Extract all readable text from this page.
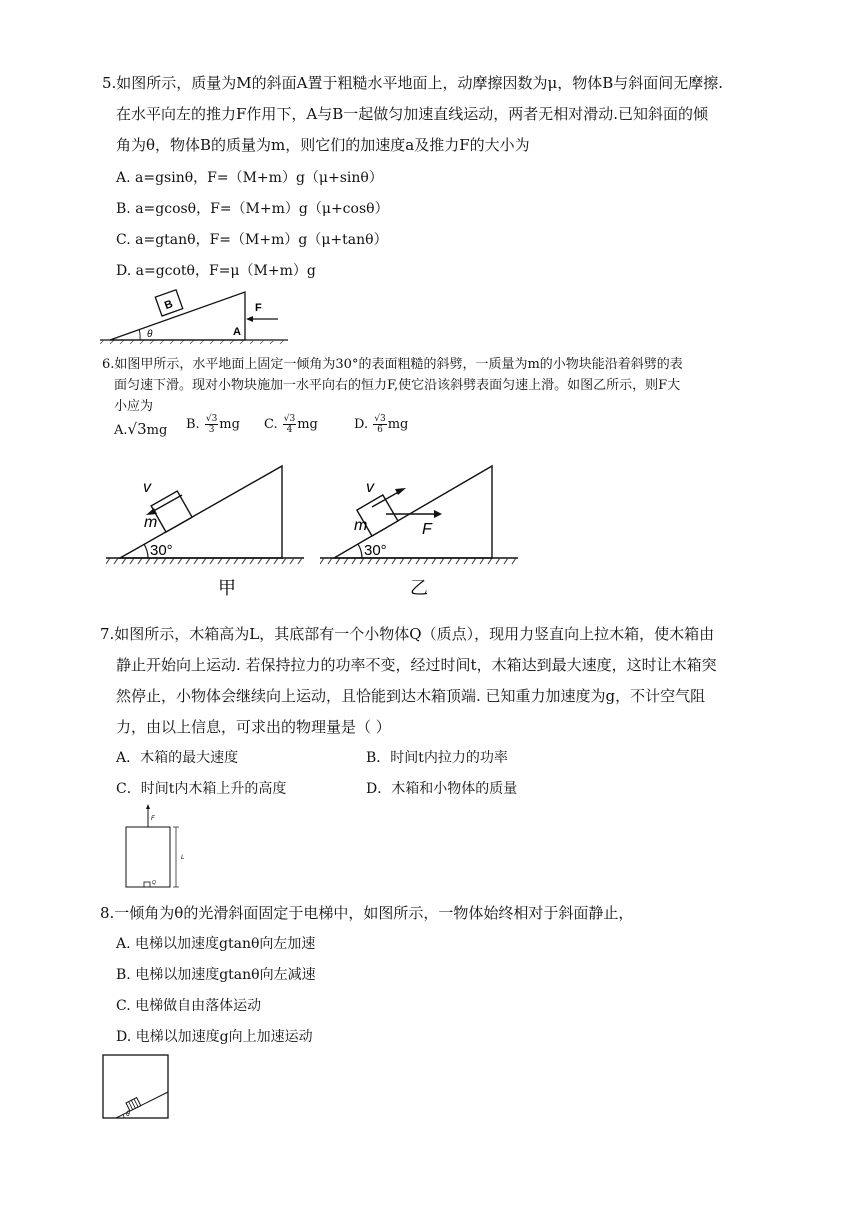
5.如图所示，质量为M的斜面A置于粗糙水平地面上，动摩擦因数为μ，物体B与斜面间无摩擦.
在水平向左的推力F作用下，A与B一起做匀加速直线运动，两者无相对滑动.已知斜面的倾
角为θ，物体B的质量为m，则它们的加速度a及推力F的大小为
A. a=gsinθ，F=（M+m）g（μ+sinθ）
B. a=gcosθ，F=（M+m）g（μ+cosθ）
C. a=gtanθ，F=（M+m）g（μ+tanθ）
D. a=gcotθ，F=μ（M+m）g
B
θ	A
F
6.如图甲所示，水平地面上固定一倾角为30°的表面粗糙的斜劈，一质量为m的小物块能沿着斜劈的表
面匀速下滑。现对小物块施加一水平向右的恒力F,使它沿该斜劈表面匀速上滑。如图乙所示，则F大
小应为
A.√3mg B. $\frac{√3}{3}$ mg C. $\frac{√3}{4}$ mg	D. $\frac{√3}{6}$ mg
v
m
30°
甲
v
m	F
30°
乙
7.如图所示，木箱高为L，其底部有一个小物体Q（质点），现用力竖直向上拉木箱，使木箱由
静止开始向上运动. 若保持拉力的功率不变，经过时间t，木箱达到最大速度，这时让木箱突
然停止，小物体会继续向上运动，且恰能到达木箱顶端. 已知重力加速度为g，不计空气阻
力，由以上信息，可求出的物理量是（ ）
A．木箱的最大速度	B．时间t内拉力的功率
C．时间t内木箱上升的高度	D．木箱和小物体的质量
F
Q
L
8.一倾角为θ的光滑斜面固定于电梯中，如图所示，一物体始终相对于斜面静止，
A. 电梯以加速度gtanθ向左加速
B. 电梯以加速度gtanθ向左减速
C. 电梯做自由落体运动
D. 电梯以加速度g向上加速运动
θ
